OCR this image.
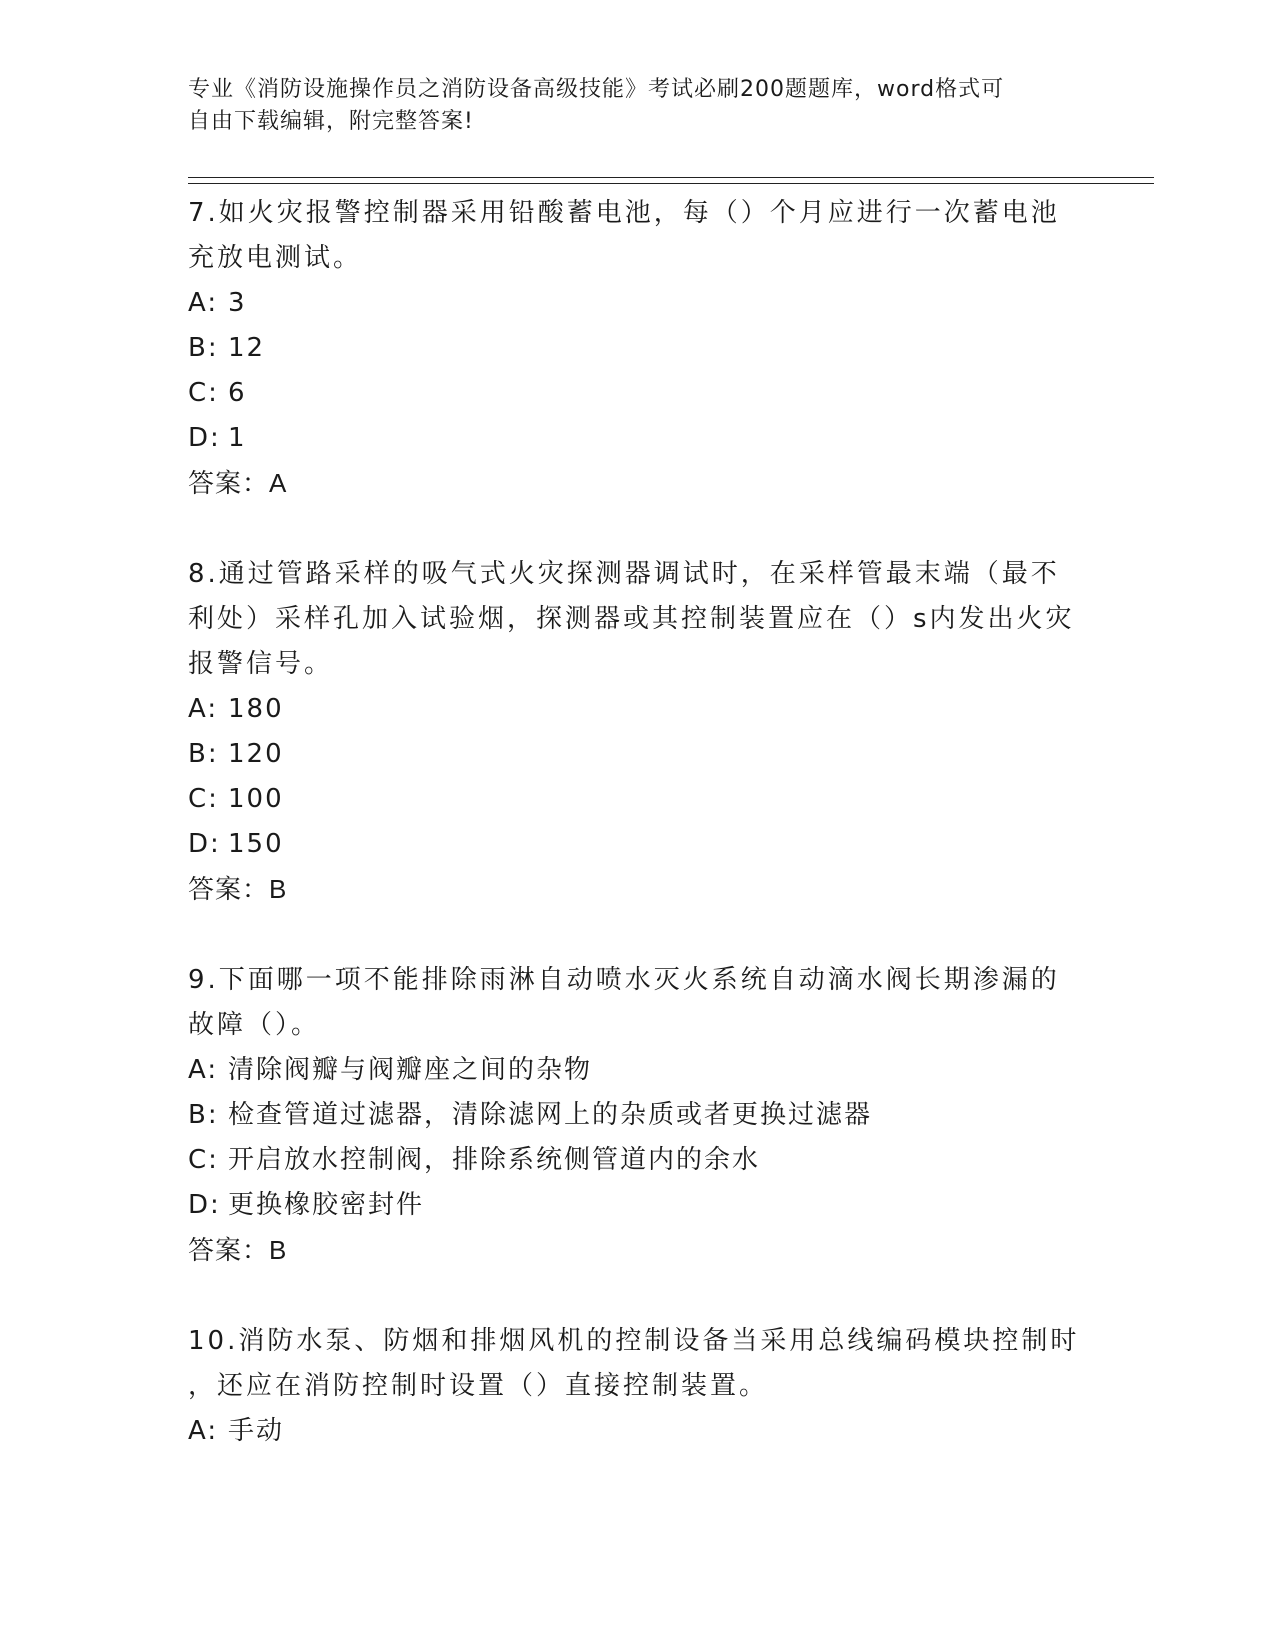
专业《消防设施操作员之消防设备高级技能》考试必刷200题题库，word格式可
自由下载编辑，附完整答案!

7.如火灾报警控制器采用铅酸蓄电池，每（）个月应进行一次蓄电池

充放电测试。

A: 3

B: 12

C: 6

D: 1

答案：A

8.通过管路采样的吸气式火灾探测器调试时，在采样管最末端（最不

利处）采样孔加入试验烟，探测器或其控制装置应在（）s内发出火灾

报警信号。

A: 180

B: 120

C: 100

D: 150

答案：B

9.下面哪一项不能排除雨淋自动喷水灭火系统自动滴水阀长期渗漏的

故障（）。

A: 清除阀瓣与阀瓣座之间的杂物

B: 检查管道过滤器，清除滤网上的杂质或者更换过滤器

C: 开启放水控制阀，排除系统侧管道内的余水

D: 更换橡胶密封件

答案：B

10.消防水泵、防烟和排烟风机的控制设备当采用总线编码模块控制时

，还应在消防控制时设置（）直接控制装置。

A: 手动
